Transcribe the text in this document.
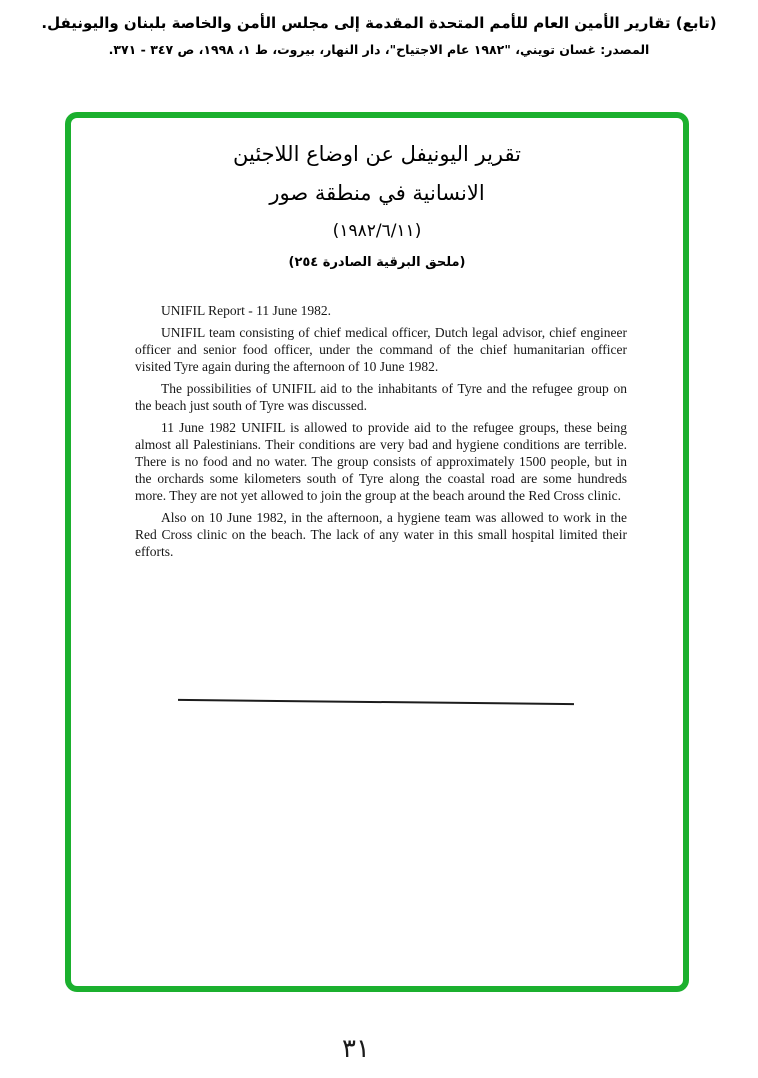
(تابع) تقارير الأمين العام للأمم المتحدة المقدمة إلى مجلس الأمن والخاصة بلبنان واليونيفل.
المصدر: غسان تويني، "١٩٨٢ عام الاجتياح"، دار النهار، بيروت، ط ١، ١٩٩٨، ص ٣٤٧ - ٣٧١.
تقرير اليونيفل عن اوضاع اللاجئين
الانسانية في منطقة صور
(١٩٨٢/٦/١١)
(ملحق البرقية الصادرة ٢٥٤)

UNIFIL Report - 11 June 1982.

UNIFIL team consisting of chief medical officer, Dutch legal advisor, chief engineer officer and senior food officer, under the command of the chief humanitarian officer visited Tyre again during the afternoon of 10 June 1982.

The possibilities of UNIFIL aid to the inhabitants of Tyre and the refugee group on the beach just south of Tyre was discussed.

11 June 1982 UNIFIL is allowed to provide aid to the refugee groups, these being almost all Palestinians. Their conditions are very bad and hygiene conditions are terrible. There is no food and no water. The group consists of approximately 1500 people, but in the orchards some kilometers south of Tyre along the coastal road are some hundreds more. They are not yet allowed to join the group at the beach around the Red Cross clinic.

Also on 10 June 1982, in the afternoon, a hygiene team was allowed to work in the Red Cross clinic on the beach. The lack of any water in this small hospital limited their efforts.

٣١
